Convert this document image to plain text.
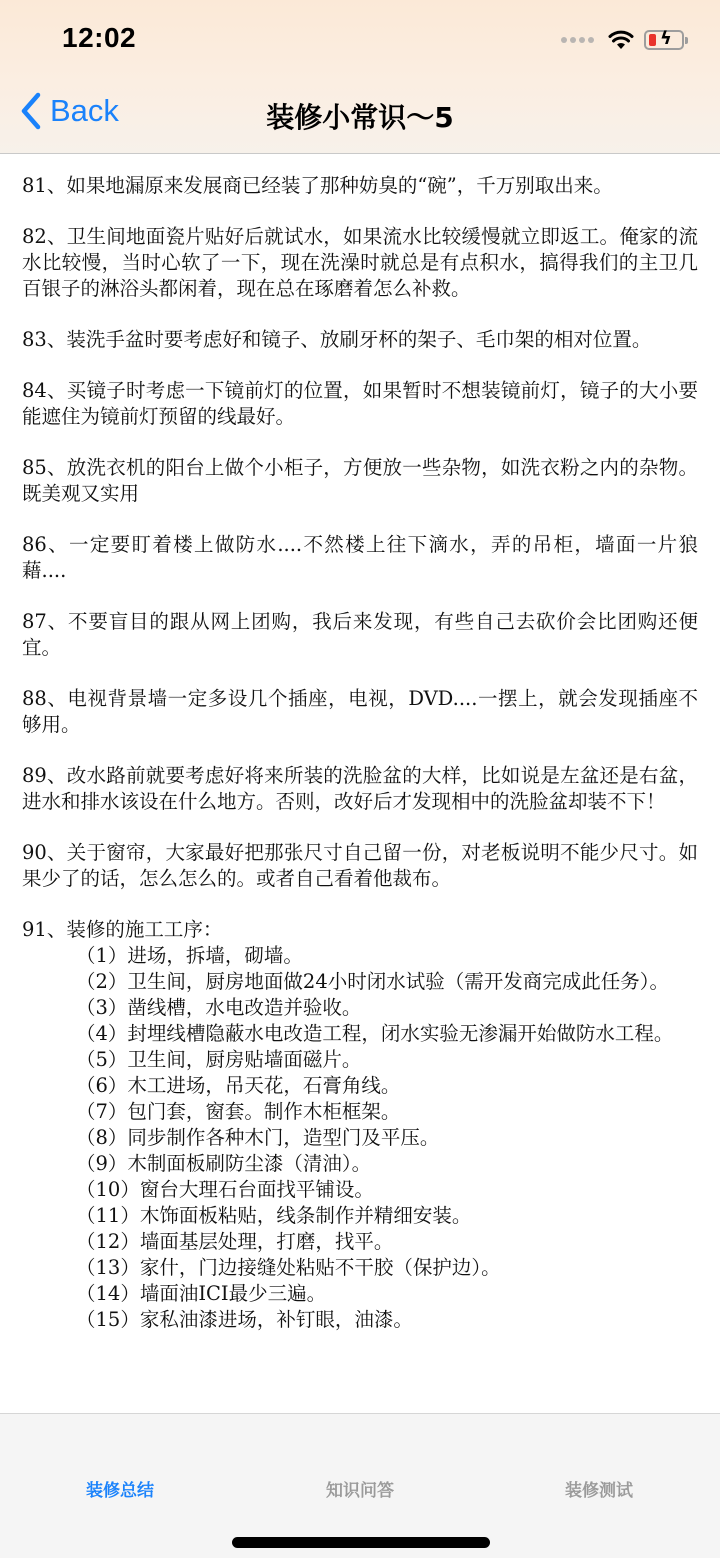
12:02	ϟ
Back	装修小常识～5

81、如果地漏原来发展商已经装了那种妨臭的“碗”，千万别取出来。

82、卫生间地面瓷片贴好后就试水，如果流水比较缓慢就立即返工。俺家的流水比较慢，当时心软了一下，现在洗澡时就总是有点积水，搞得我们的主卫几百银子的淋浴头都闲着，现在总在琢磨着怎么补救。

83、装洗手盆时要考虑好和镜子、放刷牙杯的架子、毛巾架的相对位置。

84、买镜子时考虑一下镜前灯的位置，如果暂时不想装镜前灯，镜子的大小要能遮住为镜前灯预留的线最好。

85、放洗衣机的阳台上做个小柜子，方便放一些杂物，如洗衣粉之内的杂物。既美观又实用

86、一定要盯着楼上做防水....不然楼上往下滴水，弄的吊柜，墙面一片狼藉....

87、不要盲目的跟从网上团购，我后来发现，有些自己去砍价会比团购还便宜。

88、电视背景墙一定多设几个插座，电视，DVD....一摆上，就会发现插座不够用。

89、改水路前就要考虑好将来所装的洗脸盆的大样，比如说是左盆还是右盆，进水和排水该设在什么地方。否则，改好后才发现相中的洗脸盆却装不下！

90、关于窗帘，大家最好把那张尺寸自己留一份，对老板说明不能少尺寸。如果少了的话，怎么怎么的。或者自己看着他裁布。

91、装修的施工工序：

（1）进场，拆墙，砌墙。

（2）卫生间，厨房地面做24小时闭水试验（需开发商完成此任务）。

（3）凿线槽，水电改造并验收。

（4）封埋线槽隐蔽水电改造工程，闭水实验无渗漏开始做防水工程。

（5）卫生间，厨房贴墙面磁片。

（6）木工进场，吊天花，石膏角线。

（7）包门套，窗套。制作木柜框架。

（8）同步制作各种木门，造型门及平压。

（9）木制面板刷防尘漆（清油）。

（10）窗台大理石台面找平铺设。

（11）木饰面板粘贴，线条制作并精细安装。

（12）墙面基层处理，打磨，找平。

（13）家什，门边接缝处粘贴不干胶（保护边）。

（14）墙面油ICI最少三遍。

（15）家私油漆进场，补钉眼，油漆。

装修总结	知识问答	装修测试
